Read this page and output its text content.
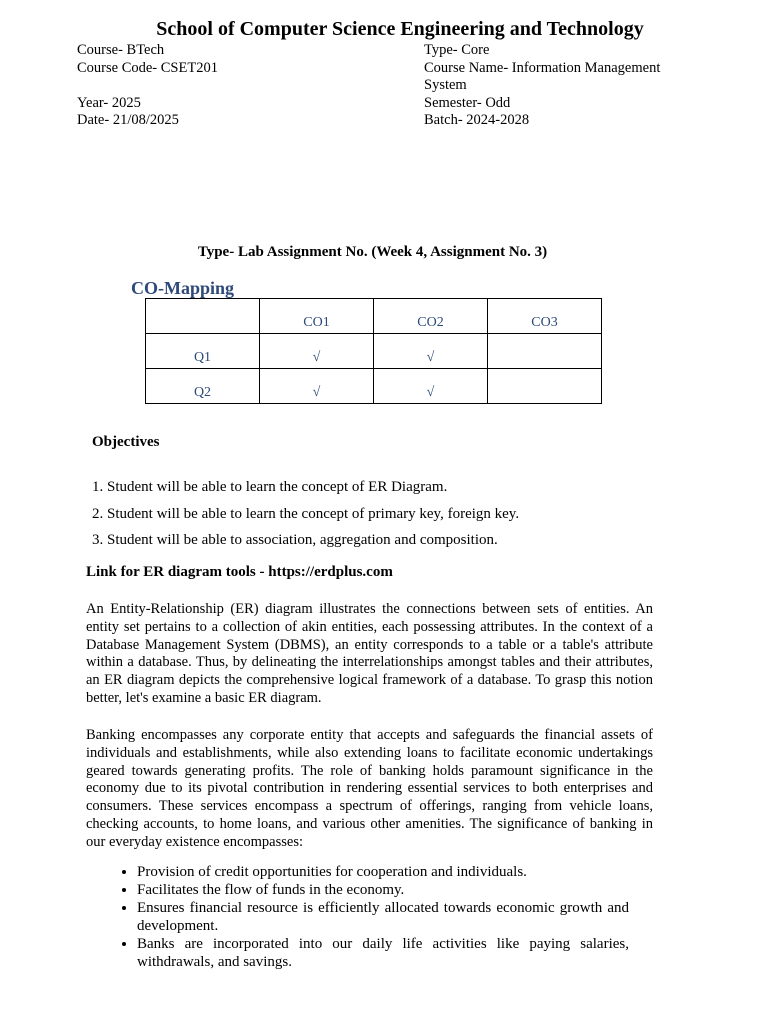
School of Computer Science Engineering and Technology
Course- BTech
Course Code- CSET201
Year- 2025
Date- 21/08/2025
Type- Core
Course Name- Information Management System
Semester- Odd
Batch- 2024-2028
Type- Lab Assignment No. (Week 4, Assignment No. 3)
CO-Mapping
	CO1	CO2	CO3
Q1	√	√	
Q2	√	√	
Objectives
1. Student will be able to learn the concept of ER Diagram.
2. Student will be able to learn the concept of primary key, foreign key.
3. Student will be able to association, aggregation and composition.
Link for ER diagram tools - https://erdplus.com
An Entity-Relationship (ER) diagram illustrates the connections between sets of entities. An entity set pertains to a collection of akin entities, each possessing attributes. In the context of a Database Management System (DBMS), an entity corresponds to a table or a table's attribute within a database. Thus, by delineating the interrelationships amongst tables and their attributes, an ER diagram depicts the comprehensive logical framework of a database. To grasp this notion better, let's examine a basic ER diagram.
Banking encompasses any corporate entity that accepts and safeguards the financial assets of individuals and establishments, while also extending loans to facilitate economic undertakings geared towards generating profits. The role of banking holds paramount significance in the economy due to its pivotal contribution in rendering essential services to both enterprises and consumers. These services encompass a spectrum of offerings, ranging from vehicle loans, checking accounts, to home loans, and various other amenities. The significance of banking in our everyday existence encompasses:
• Provision of credit opportunities for cooperation and individuals.
• Facilitates the flow of funds in the economy.
• Ensures financial resource is efficiently allocated towards economic growth and development.
• Banks are incorporated into our daily life activities like paying salaries, withdrawals, and savings.
